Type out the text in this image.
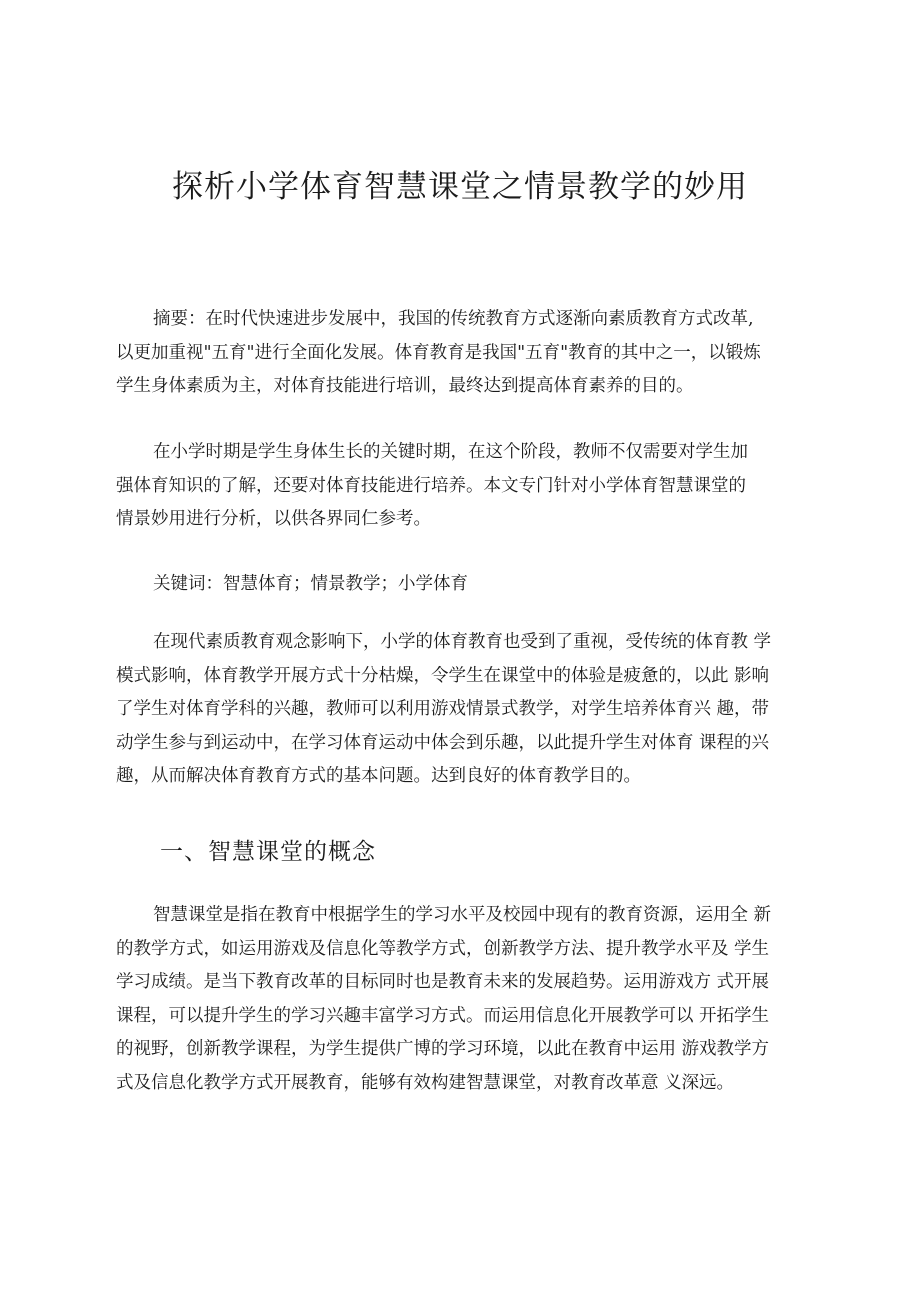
探析小学体育智慧课堂之情景教学的妙用
摘要：在时代快速进步发展中，我国的传统教育方式逐渐向素质教育方式改革,
以更加重视"五育"进行全面化发展。体育教育是我国"五育"教育的其中之一，以锻炼
学生身体素质为主，对体育技能进行培训，最终达到提高体育素养的目的。
在小学时期是学生身体生长的关键时期，在这个阶段，教师不仅需要对学生加
强体育知识的了解，还要对体育技能进行培养。本文专门针对小学体育智慧课堂的
情景妙用进行分析，以供各界同仁参考。
关键词：智慧体育；情景教学；小学体育
在现代素质教育观念影响下，小学的体育教育也受到了重视，受传统的体育教 学
模式影响，体育教学开展方式十分枯燥，令学生在课堂中的体验是疲惫的，以此 影响
了学生对体育学科的兴趣，教师可以利用游戏情景式教学，对学生培养体育兴 趣，带
动学生参与到运动中，在学习体育运动中体会到乐趣，以此提升学生对体育 课程的兴
趣，从而解决体育教育方式的基本问题。达到良好的体育教学目的。
一、智慧课堂的概念
智慧课堂是指在教育中根据学生的学习水平及校园中现有的教育资源，运用全 新
的教学方式，如运用游戏及信息化等教学方式，创新教学方法、提升教学水平及 学生
学习成绩。是当下教育改革的目标同时也是教育未来的发展趋势。运用游戏方 式开展
课程，可以提升学生的学习兴趣丰富学习方式。而运用信息化开展教学可以 开拓学生
的视野，创新教学课程，为学生提供广博的学习环境，以此在教育中运用 游戏教学方
式及信息化教学方式开展教育，能够有效构建智慧课堂，对教育改革意 义深远。
